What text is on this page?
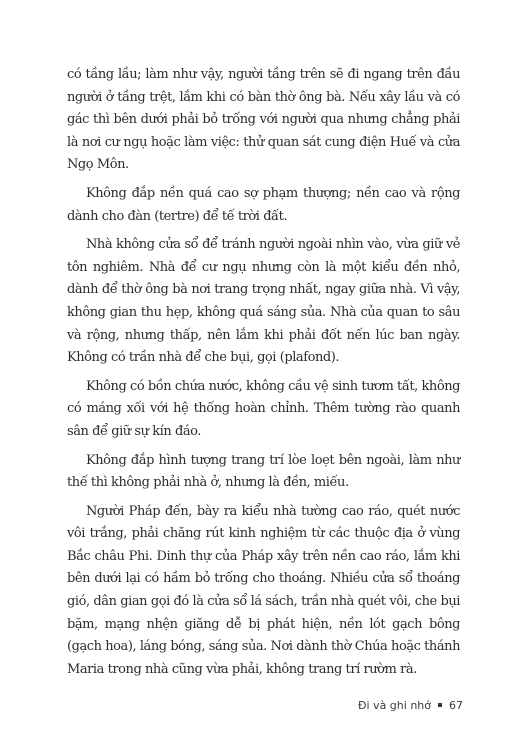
có tầng lầu; làm như vậy, người tầng trên sẽ đi ngang trên đầu người ở tầng trệt, lắm khi có bàn thờ ông bà. Nếu xây lầu và có gác thì bên dưới phải bỏ trống với người qua nhưng chẳng phải là nơi cư ngụ hoặc làm việc: thử quan sát cung điện Huế và cửa Ngọ Môn.

Không đắp nền quá cao sợ phạm thượng; nền cao và rộng dành cho đàn (tertre) để tế trời đất.

Nhà không cửa sổ để tránh người ngoài nhìn vào, vừa giữ vẻ tôn nghiêm. Nhà để cư ngụ nhưng còn là một kiểu đền nhỏ, dành để thờ ông bà nơi trang trọng nhất, ngay giữa nhà. Vì vậy, không gian thu hẹp, không quá sáng sủa. Nhà của quan to sâu và rộng, nhưng thấp, nên lắm khi phải đốt nến lúc ban ngày. Không có trần nhà để che bụi, gọi (plafond).

Không có bồn chứa nước, không cầu vệ sinh tươm tất, không có máng xối với hệ thống hoàn chỉnh. Thêm tường rào quanh sân để giữ sự kín đáo.

Không đắp hình tượng trang trí lòe loẹt bên ngoài, làm như thế thì không phải nhà ở, nhưng là đền, miếu.

Người Pháp đến, bày ra kiểu nhà tường cao ráo, quét nước vôi trắng, phải chăng rút kinh nghiệm từ các thuộc địa ở vùng Bắc châu Phi. Dinh thự của Pháp xây trên nền cao ráo, lắm khi bên dưới lại có hầm bỏ trống cho thoáng. Nhiều cửa sổ thoáng gió, dân gian gọi đó là cửa sổ lá sách, trần nhà quét vôi, che bụi bặm, mạng nhện giăng dễ bị phát hiện, nền lót gạch bông (gạch hoa), láng bóng, sáng sủa. Nơi dành thờ Chúa hoặc thánh Maria trong nhà cũng vừa phải, không trang trí rườm rà.

Đi và ghi nhớ 67
